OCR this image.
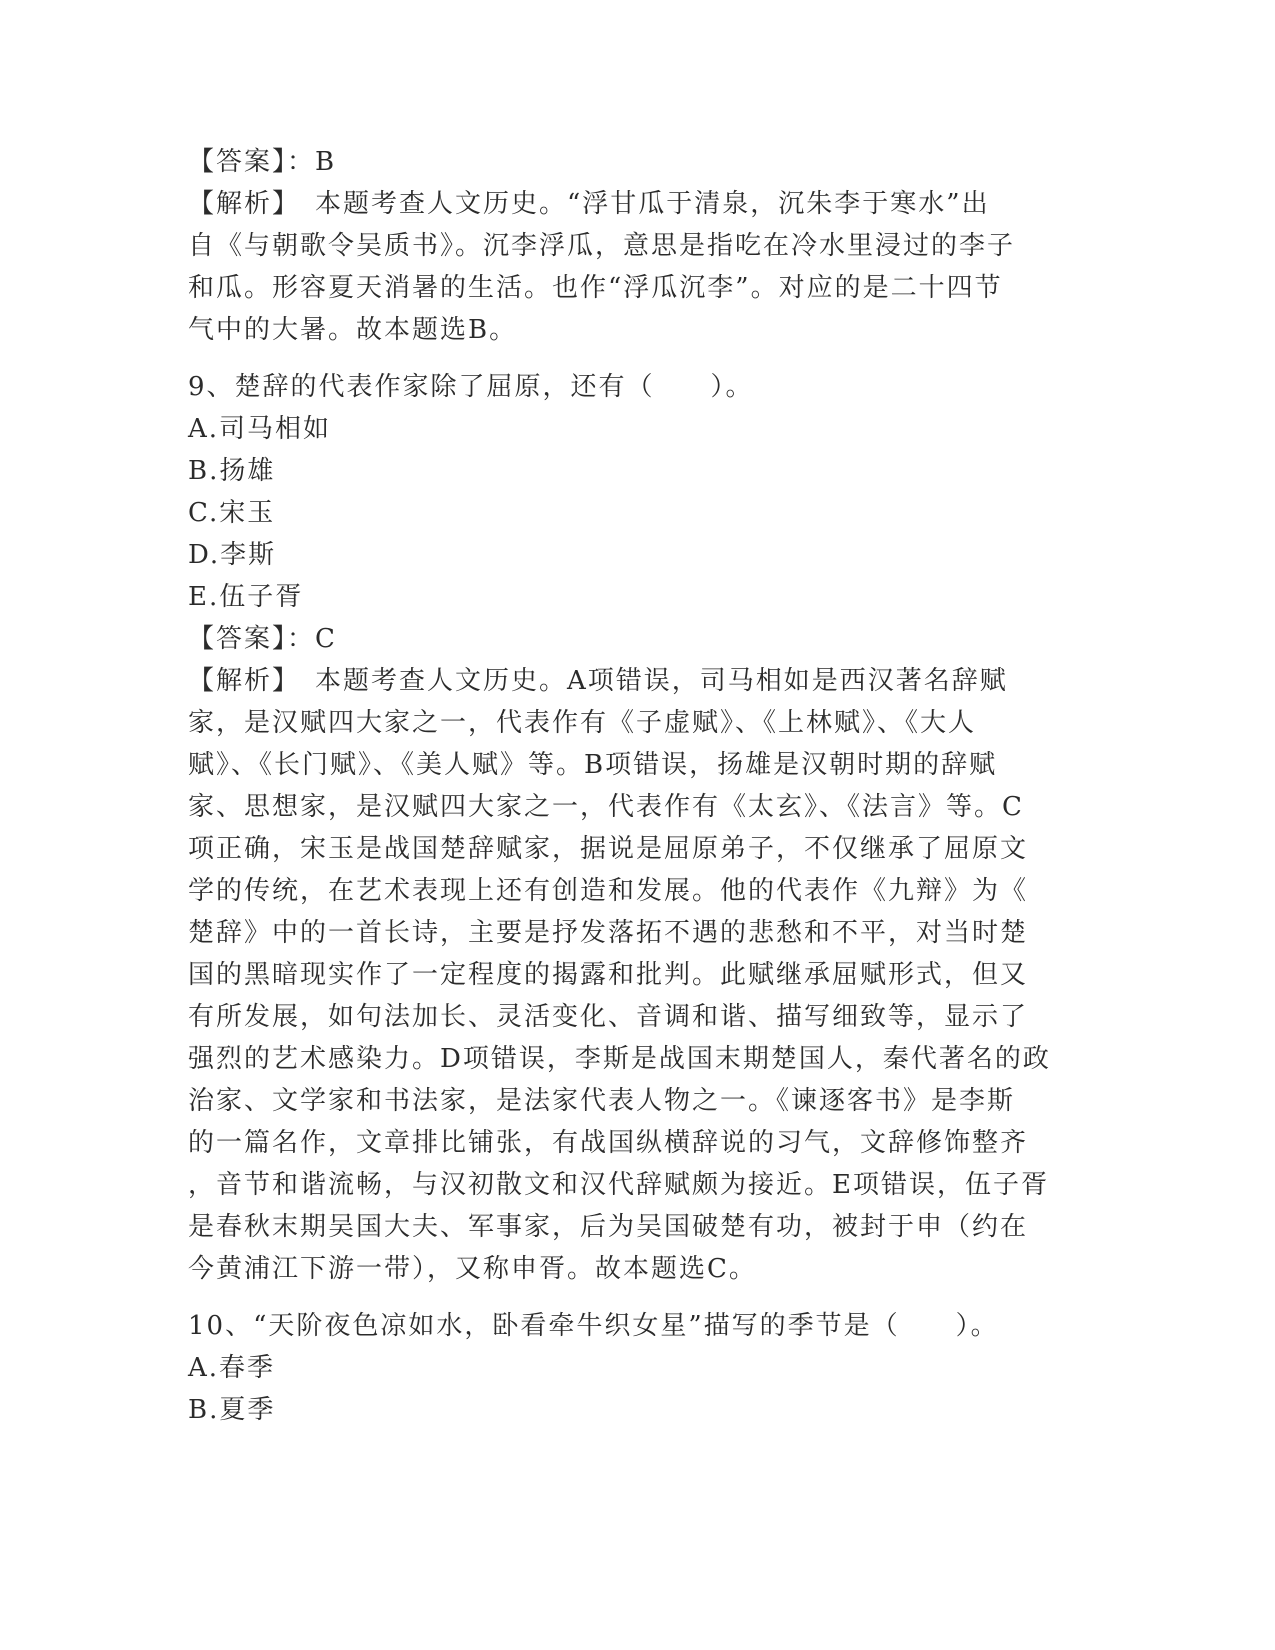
【答案】：B
【解析】　本题考查人文历史。“浮甘瓜于清泉，沉朱李于寒水”出
自《与朝歌令吴质书》。沉李浮瓜，意思是指吃在冷水里浸过的李子
和瓜。形容夏天消暑的生活。也作“浮瓜沉李”。对应的是二十四节
气中的大暑。故本题选B。
9、楚辞的代表作家除了屈原，还有（　　）。
A.司马相如
B.扬雄
C.宋玉
D.李斯
E.伍子胥
【答案】：C
【解析】　本题考查人文历史。A项错误，司马相如是西汉著名辞赋
家，是汉赋四大家之一，代表作有《子虚赋》、《上林赋》、《大人
赋》、《长门赋》、《美人赋》等。B项错误，扬雄是汉朝时期的辞赋
家、思想家，是汉赋四大家之一，代表作有《太玄》、《法言》等。C
项正确，宋玉是战国楚辞赋家，据说是屈原弟子，不仅继承了屈原文
学的传统，在艺术表现上还有创造和发展。他的代表作《九辩》为《
楚辞》中的一首长诗，主要是抒发落拓不遇的悲愁和不平，对当时楚
国的黑暗现实作了一定程度的揭露和批判。此赋继承屈赋形式，但又
有所发展，如句法加长、灵活变化、音调和谐、描写细致等，显示了
强烈的艺术感染力。D项错误，李斯是战国末期楚国人，秦代著名的政
治家、文学家和书法家，是法家代表人物之一。《谏逐客书》是李斯
的一篇名作，文章排比铺张，有战国纵横辞说的习气，文辞修饰整齐
，音节和谐流畅，与汉初散文和汉代辞赋颇为接近。E项错误，伍子胥
是春秋末期吴国大夫、军事家，后为吴国破楚有功，被封于申（约在
今黄浦江下游一带），又称申胥。故本题选C。
10、“天阶夜色凉如水，卧看牵牛织女星”描写的季节是（　　）。
A.春季
B.夏季
